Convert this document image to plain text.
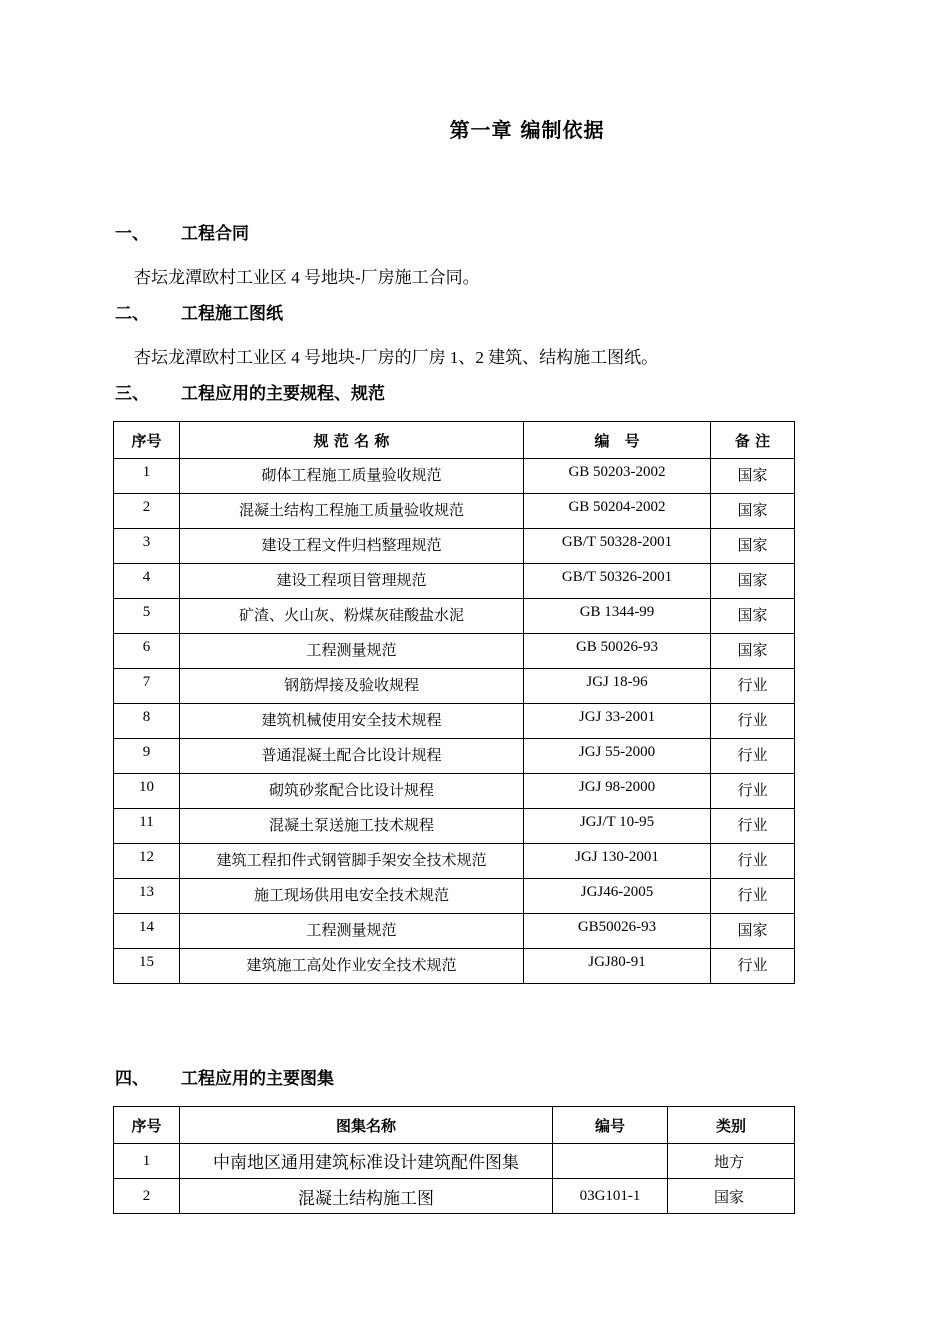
第一章 编制依据
一、 工程合同
杏坛龙潭欧村工业区 4 号地块-厂房施工合同。
二、 工程施工图纸
杏坛龙潭欧村工业区 4 号地块-厂房的厂房 1、2 建筑、结构施工图纸。
三、 工程应用的主要规程、规范
序号	规 范 名 称	编　号	备 注
1	砌体工程施工质量验收规范	GB 50203-2002	国家
2	混凝土结构工程施工质量验收规范	GB 50204-2002	国家
3	建设工程文件归档整理规范	GB/T 50328-2001	国家
4	建设工程项目管理规范	GB/T 50326-2001	国家
5	矿渣、火山灰、粉煤灰硅酸盐水泥	GB 1344-99	国家
6	工程测量规范	GB 50026-93	国家
7	钢筋焊接及验收规程	JGJ 18-96	行业
8	建筑机械使用安全技术规程	JGJ 33-2001	行业
9	普通混凝土配合比设计规程	JGJ 55-2000	行业
10	砌筑砂浆配合比设计规程	JGJ 98-2000	行业
11	混凝土泵送施工技术规程	JGJ/T 10-95	行业
12	建筑工程扣件式钢管脚手架安全技术规范	JGJ 130-2001	行业
13	施工现场供用电安全技术规范	JGJ46-2005	行业
14	工程测量规范	GB50026-93	国家
15	建筑施工高处作业安全技术规范	JGJ80-91	行业
四、 工程应用的主要图集
序号	图集名称	编号	类别
1	中南地区通用建筑标准设计建筑配件图集		地方
2	混凝土结构施工图	03G101-1	国家
